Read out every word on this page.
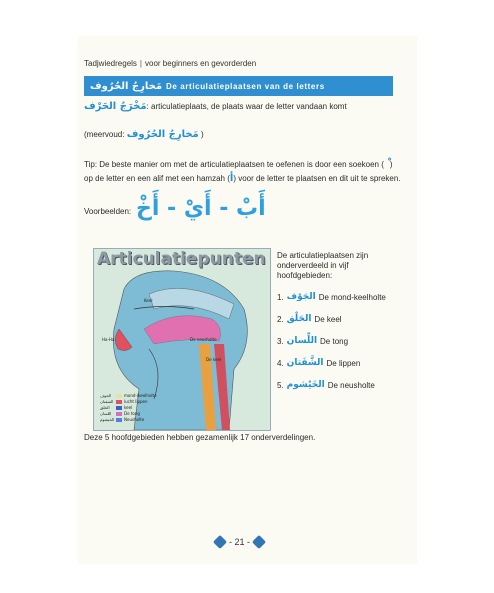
Tadjwiedregels | voor beginners en gevorderden
مَخارِجُ الحُرُوف De articulatieplaatsen van de letters
مَخْرَجُ الحَرْف: articulatieplaats, de plaats waar de letter vandaan komt
(meervoud: مَخارِجُ الحُرُوف )
Tip: De beste manier om met de articulatieplaatsen te oefenen is door een soekoen ( )
op de letter en een alif met een hamzah (أ) voor de letter te plaatsen en dit uit te spreken.
Voorbeelden: أَبْ - أَيْ - أَخْ
Keel
De neusholte
De keel
Ha-Ha
Articulatiepunten
الجوف	mond-/keelholte
الشفتان	lucht lippen
الحلق	keel
اللسان	De tong
الخيشوم Neusholte
De articulatieplaatsen zijn
onderverdeeld in vijf
hoofdgebieden:
1. الجَوْف De mond-keelholte
2. الحَلْق De keel
3. اللِّسان De tong
4. الشَّفَتان De lippen
5. الخَيْشوم De neusholte
Deze 5 hoofdgebieden hebben gezamenlijk 17 onderverdelingen.
- 21 -
